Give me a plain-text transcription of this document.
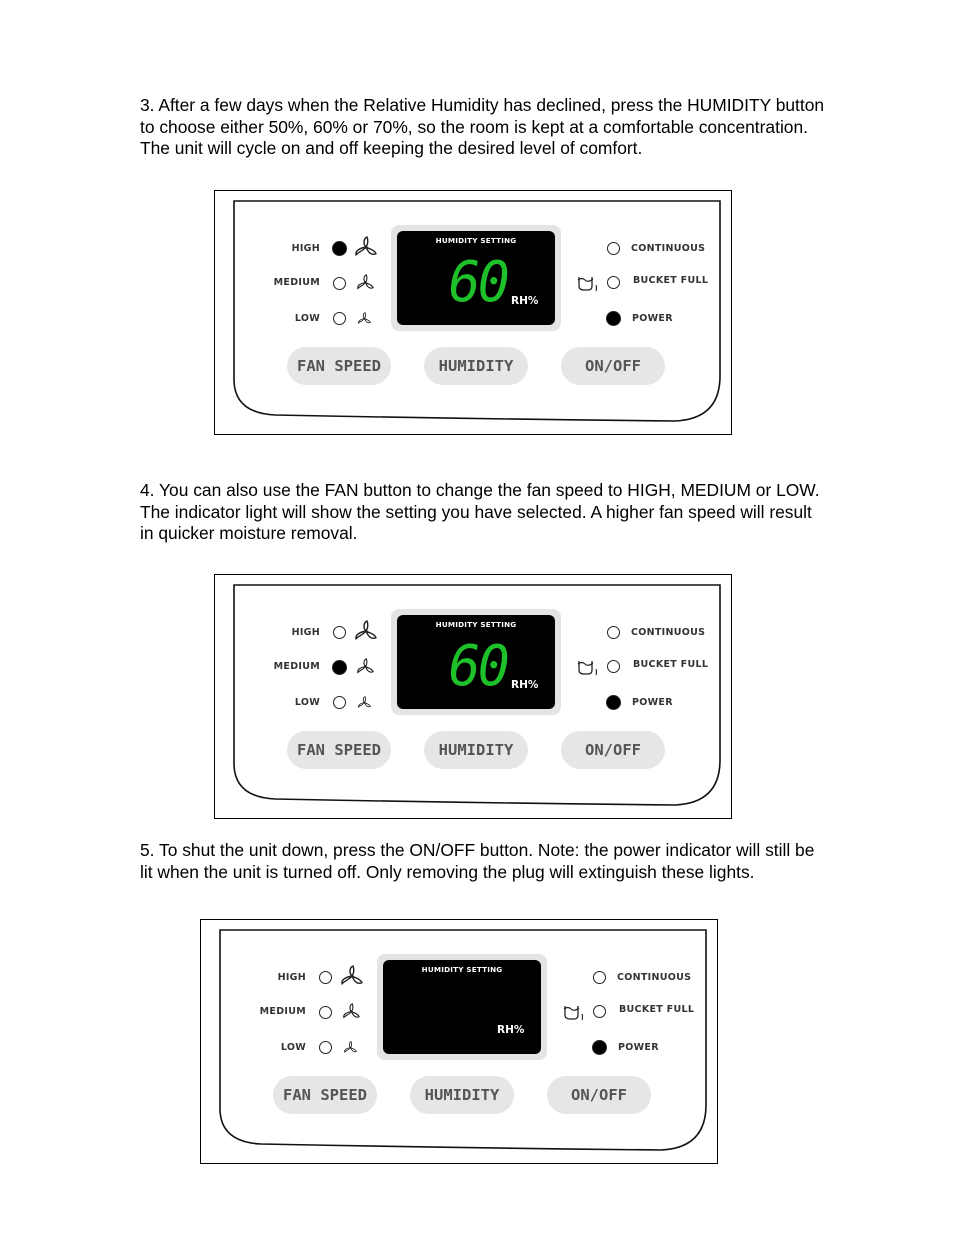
3. After a few days when the Relative Humidity has declined, press the HUMIDITY button to choose either 50%, 60% or 70%, so the room is kept at a comfortable concentration. The unit will cycle on and off keeping the desired level of comfort.

4. You can also use the FAN button to change the fan speed to HIGH, MEDIUM or LOW. The indicator light will show the setting you have selected. A higher fan speed will result in quicker moisture removal.

5. To shut the unit down, press the ON/OFF button. Note: the power indicator will still be lit when the unit is turned off. Only removing the plug will extinguish these lights.

HIGH
MEDIUM
LOW
HUMIDITY SETTING
60 RH%
CONTINUOUS
BUCKET FULL
POWER
FAN SPEED	HUMIDITY	ON/OFF
HIGH
MEDIUM
LOW
HUMIDITY SETTING
60 RH%
CONTINUOUS
BUCKET FULL
POWER
FAN SPEED	HUMIDITY	ON/OFF
HIGH
MEDIUM
LOW
HUMIDITY SETTING
RH%
CONTINUOUS
BUCKET FULL
POWER
FAN SPEED	HUMIDITY	ON/OFF
